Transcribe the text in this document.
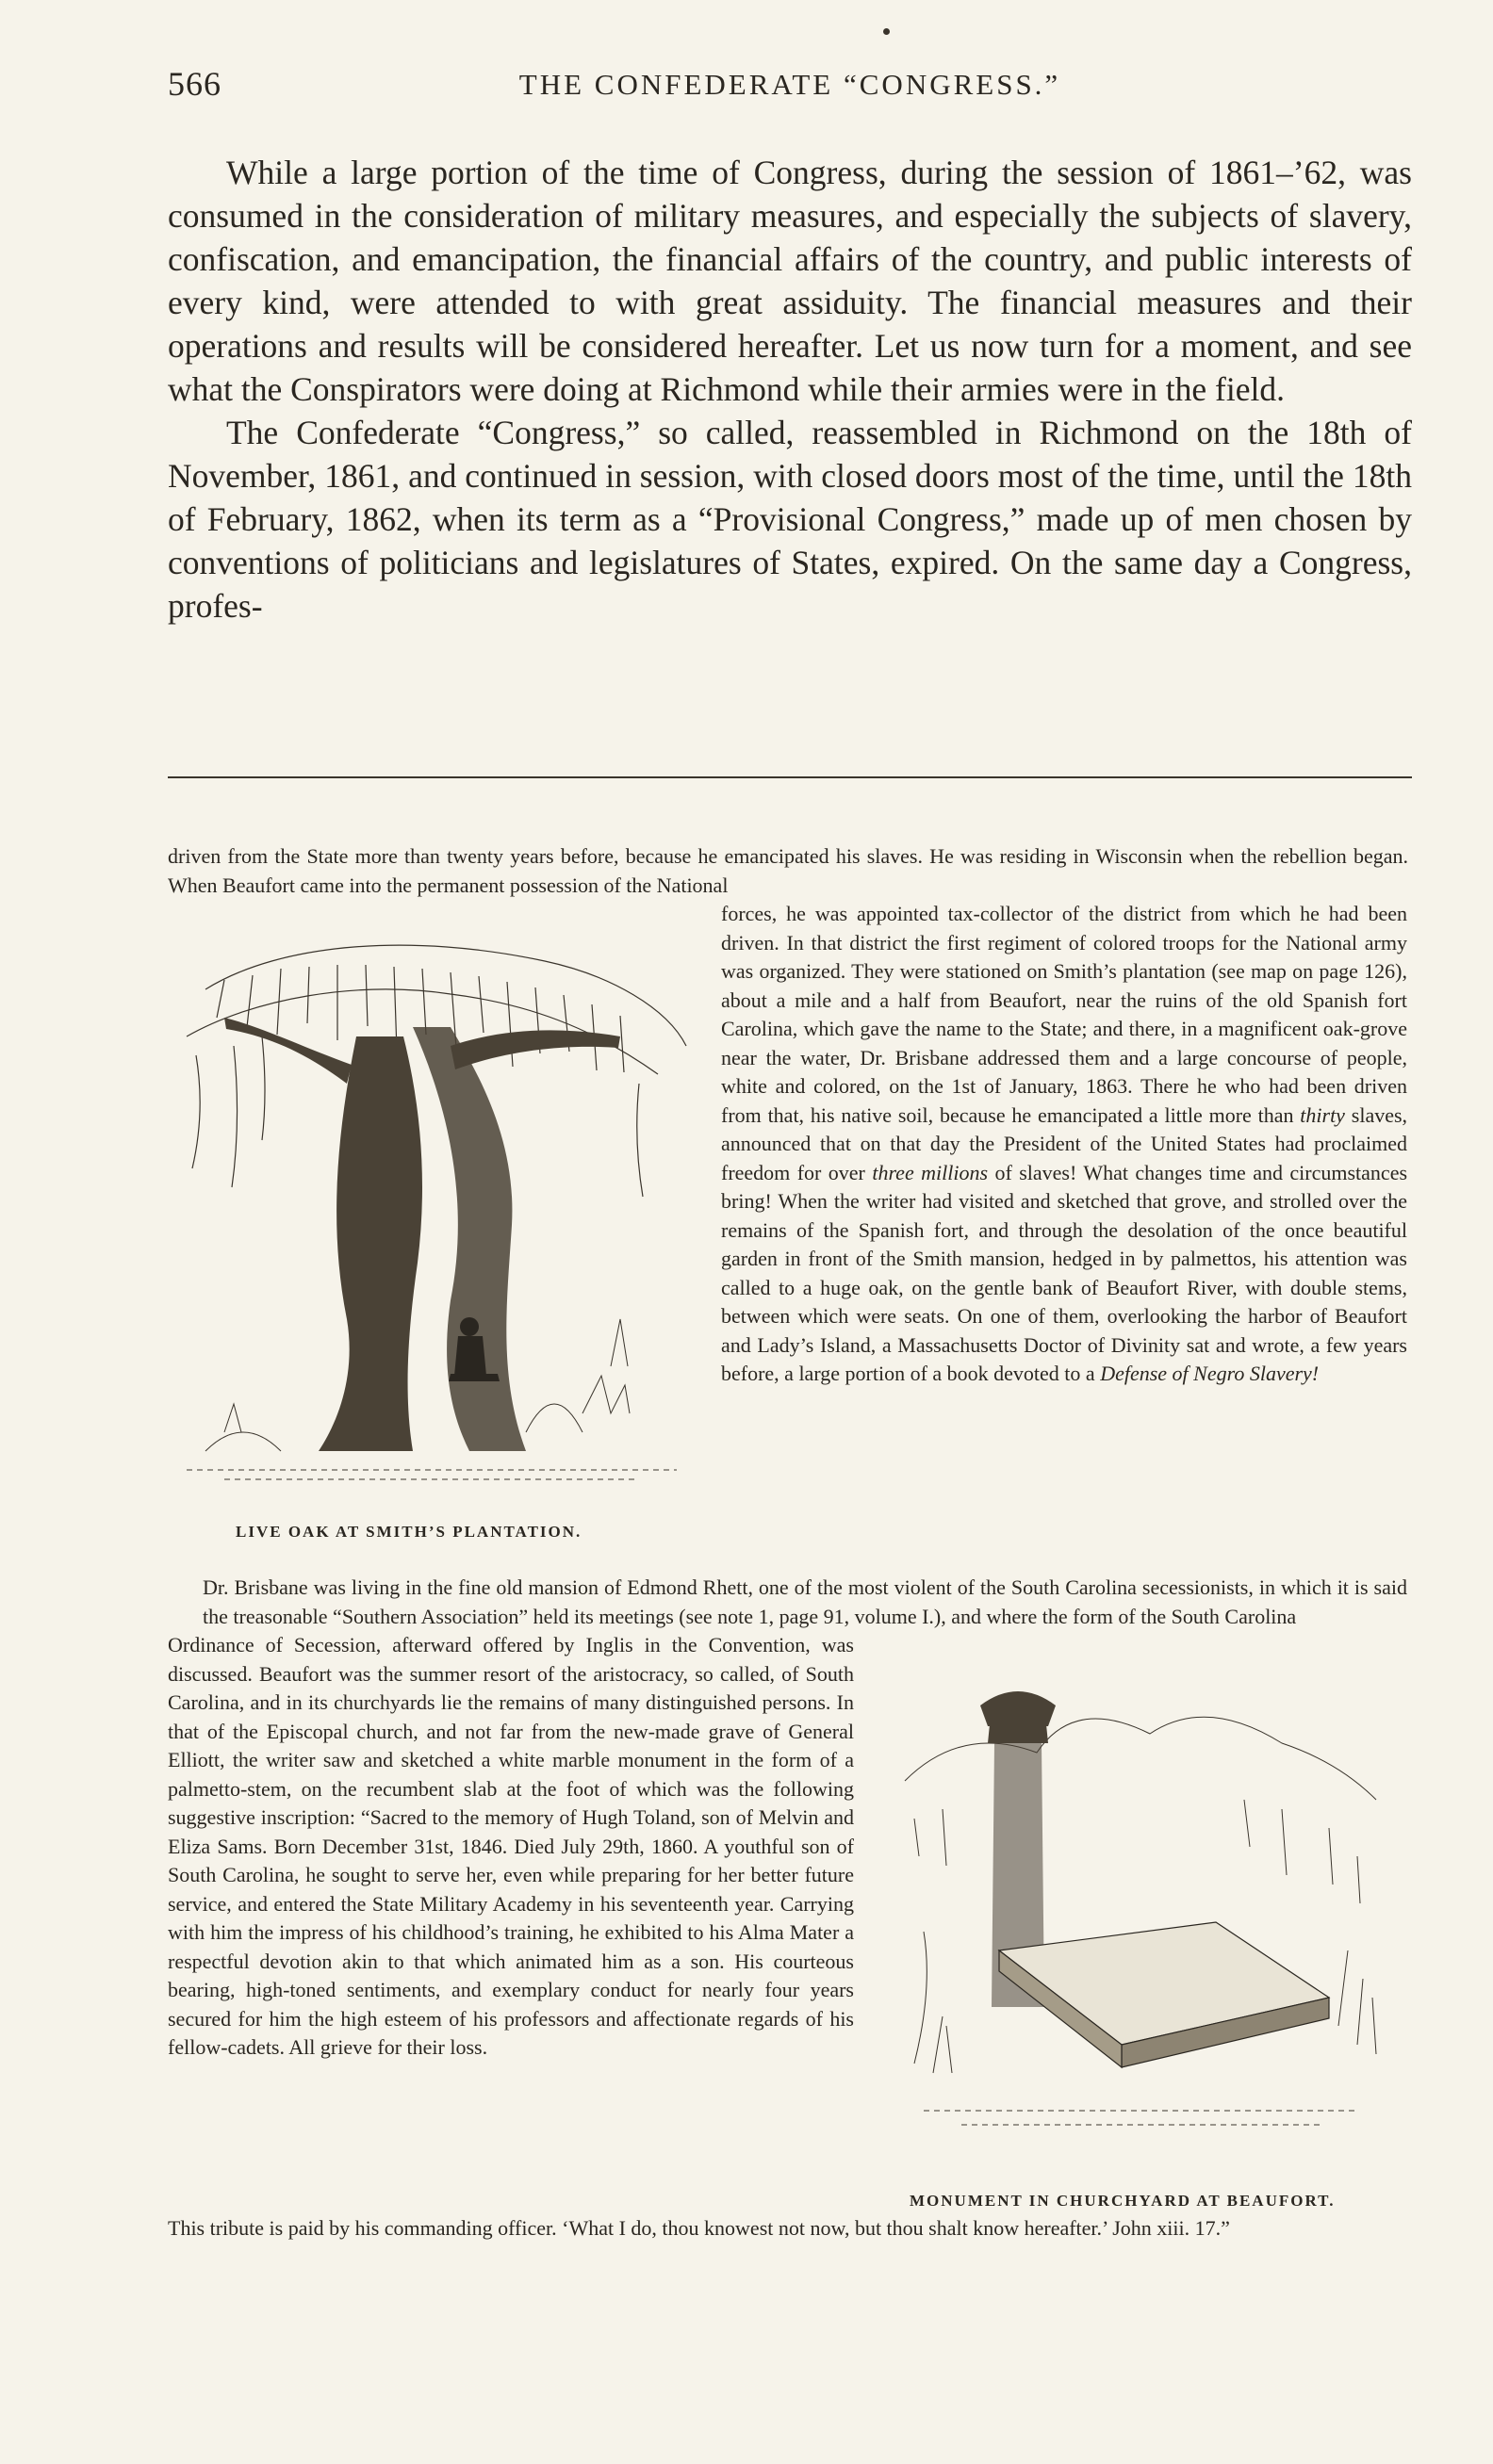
566	THE CONFEDERATE “CONGRESS.”

While a large portion of the time of Congress, during the session of 1861–’62, was consumed in the consideration of military measures, and especially the subjects of slavery, confiscation, and emancipation, the financial affairs of the country, and public interests of every kind, were attended to with great assiduity. The financial measures and their operations and results will be considered hereafter. Let us now turn for a moment, and see what the Conspirators were doing at Richmond while their armies were in the field.

The Confederate “Congress,” so called, reassembled in Richmond on the 18th of November, 1861, and continued in session, with closed doors most of the time, until the 18th of February, 1862, when its term as a “Provisional Congress,” made up of men chosen by conventions of politicians and legislatures of States, expired. On the same day a Congress, profes-

driven from the State more than twenty years before, because he emancipated his slaves. He was residing in Wisconsin when the rebellion began. When Beaufort came into the permanent possession of the National
forces, he was appointed tax-collector of the district from which he had been driven. In that district the first regiment of colored troops for the National army was organized. They were stationed on Smith’s plantation (see map on page 126), about a mile and a half from Beaufort, near the ruins of the old Spanish fort Carolina, which gave the name to the State; and there, in a magnificent oak-grove near the water, Dr. Brisbane addressed them and a large concourse of people, white and colored, on the 1st of January, 1863. There he who had been driven from that, his native soil, because he emancipated a little more than thirty slaves, announced that on that day the President of the United States had proclaimed freedom for over three millions of slaves! What changes time and circumstances bring! When the writer had visited and sketched that grove, and strolled over the remains of the Spanish fort, and through the desolation of the once beautiful garden in front of the Smith mansion, hedged in by palmettos, his attention was called to a huge oak, on the gentle bank of Beaufort River, with double stems, between which were seats. On one of them, overlooking the harbor of Beaufort and Lady’s Island, a Massachusetts Doctor of Divinity sat and wrote, a few years before, a large portion of a book devoted to a Defense of Negro Slavery!
LIVE OAK AT SMITH’S PLANTATION.
Dr. Brisbane was living in the fine old mansion of Edmond Rhett, one of the most violent of the South Carolina secessionists, in which it is said the treasonable “Southern Association” held its meetings (see note 1, page 91, volume I.), and where the form of the South Carolina
Ordinance of Secession, afterward offered by Inglis in the Convention, was discussed. Beaufort was the summer resort of the aristocracy, so called, of South Carolina, and in its churchyards lie the remains of many distinguished persons. In that of the Episcopal church, and not far from the new-made grave of General Elliott, the writer saw and sketched a white marble monument in the form of a palmetto-stem, on the recumbent slab at the foot of which was the following suggestive inscription: “Sacred to the memory of Hugh Toland, son of Melvin and Eliza Sams. Born December 31st, 1846. Died July 29th, 1860. A youthful son of South Carolina, he sought to serve her, even while preparing for her better future service, and entered the State Military Academy in his seventeenth year. Carrying with him the impress of his childhood’s training, he exhibited to his Alma Mater a respectful devotion akin to that which animated him as a son. His courteous bearing, high-toned sentiments, and exemplary conduct for nearly four years secured for him the high esteem of his professors and affectionate regards of his fellow-cadets. All grieve for their loss.
MONUMENT IN CHURCHYARD AT BEAUFORT.
This tribute is paid by his commanding officer. ‘What I do, thou knowest not now, but thou shalt know hereafter.’ John xiii. 17.”
